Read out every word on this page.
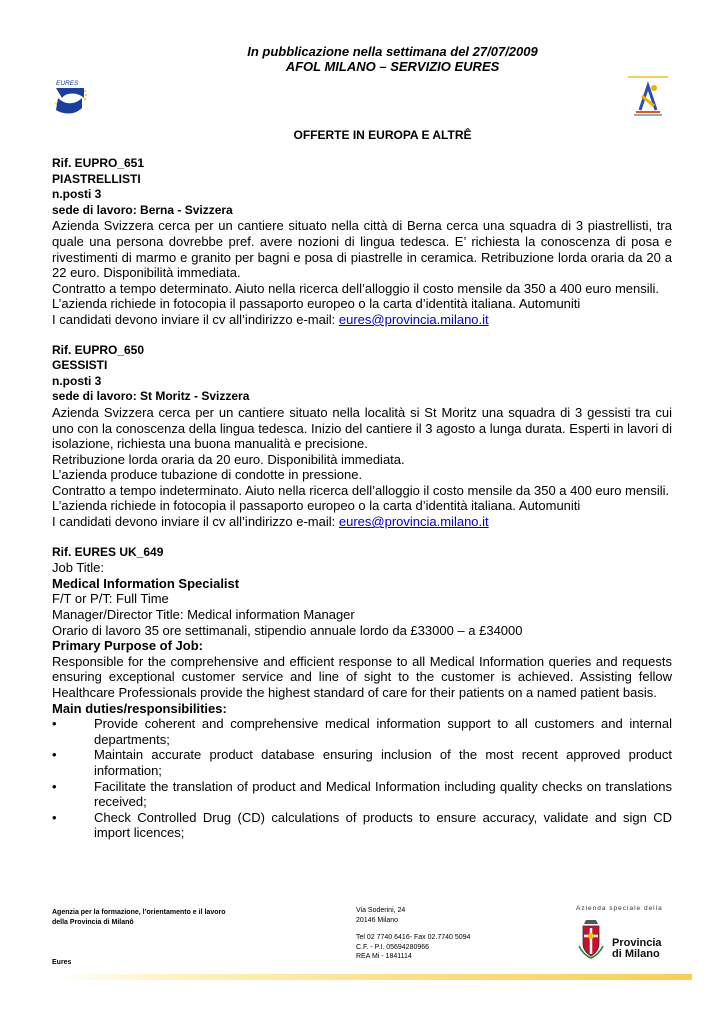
In pubblicazione nella settimana del 27/07/2009
AFOL MILANO – SERVIZIO EURES
EURES
OFFERTE IN EUROPA E ALTRÊ

Rif. EUPRO_651

PIASTRELLISTI

n.posti 3

sede di lavoro: Berna - Svizzera

Azienda Svizzera cerca per un cantiere situato nella città di Berna cerca una squadra di 3 piastrellisti, tra quale una persona dovrebbe pref. avere nozioni di lingua tedesca. E’ richiesta la conoscenza di posa e rivestimenti di marmo e granito per bagni e posa di piastrelle in ceramica. Retribuzione lorda oraria da 20 a 22 euro. Disponibilità immediata.

Contratto a tempo determinato. Aiuto nella ricerca dell’alloggio il costo mensile da 350 a 400 euro mensili.

L’azienda richiede in fotocopia il passaporto europeo o la carta d’identità italiana. Automuniti

I candidati devono inviare il cv all’indirizzo e-mail: eures@provincia.milano.it

Rif. EUPRO_650

GESSISTI

n.posti 3

sede di lavoro: St Moritz - Svizzera

Azienda Svizzera cerca per un cantiere situato nella località si St Moritz una squadra di 3 gessisti tra cui uno con la conoscenza della lingua tedesca. Inizio del cantiere il 3 agosto a lunga durata. Esperti in lavori di isolazione, richiesta una buona manualità e precisione.

Retribuzione lorda oraria da 20 euro. Disponibilità immediata.

L’azienda produce tubazione di condotte in pressione.

Contratto a tempo indeterminato. Aiuto nella ricerca dell’alloggio il costo mensile da 350 a 400 euro mensili.

L’azienda richiede in fotocopia il passaporto europeo o la carta d’identità italiana. Automuniti

I candidati devono inviare il cv all’indirizzo e-mail: eures@provincia.milano.it

Rif. EURES UK_649

Job Title:

Medical Information Specialist

F/T or P/T: Full Time

Manager/Director Title: Medical information Manager

Orario di lavoro 35 ore settimanali, stipendio annuale lordo da £33000 – a £34000

Primary Purpose of Job:

Responsible for the comprehensive and efficient response to all Medical Information queries and requests ensuring exceptional customer service and line of sight to the customer is achieved. Assisting fellow Healthcare Professionals provide the highest standard of care for their patients on a named patient basis.

Main duties/responsibilities:

•	Provide coherent and comprehensive medical information support to all customers and internal departments;
•	Maintain accurate product database ensuring inclusion of the most recent approved product information;
•	Facilitate the translation of product and Medical Information including quality checks on translations received;
•	Check Controlled Drug (CD) calculations of products to ensure accuracy, validate and sign CD import licences;
Agenzia per la formazione, l’orientamento e il lavoro
della Provincia di Milanô
Eures
Via Soderini, 24
20146 Milano
Tel 02 7740 6416- Fax 02.7740 5094
C.F. - P.I. 05694280966
REA Mi - 1841114
Azienda speciale della
Provincia
di Milano
